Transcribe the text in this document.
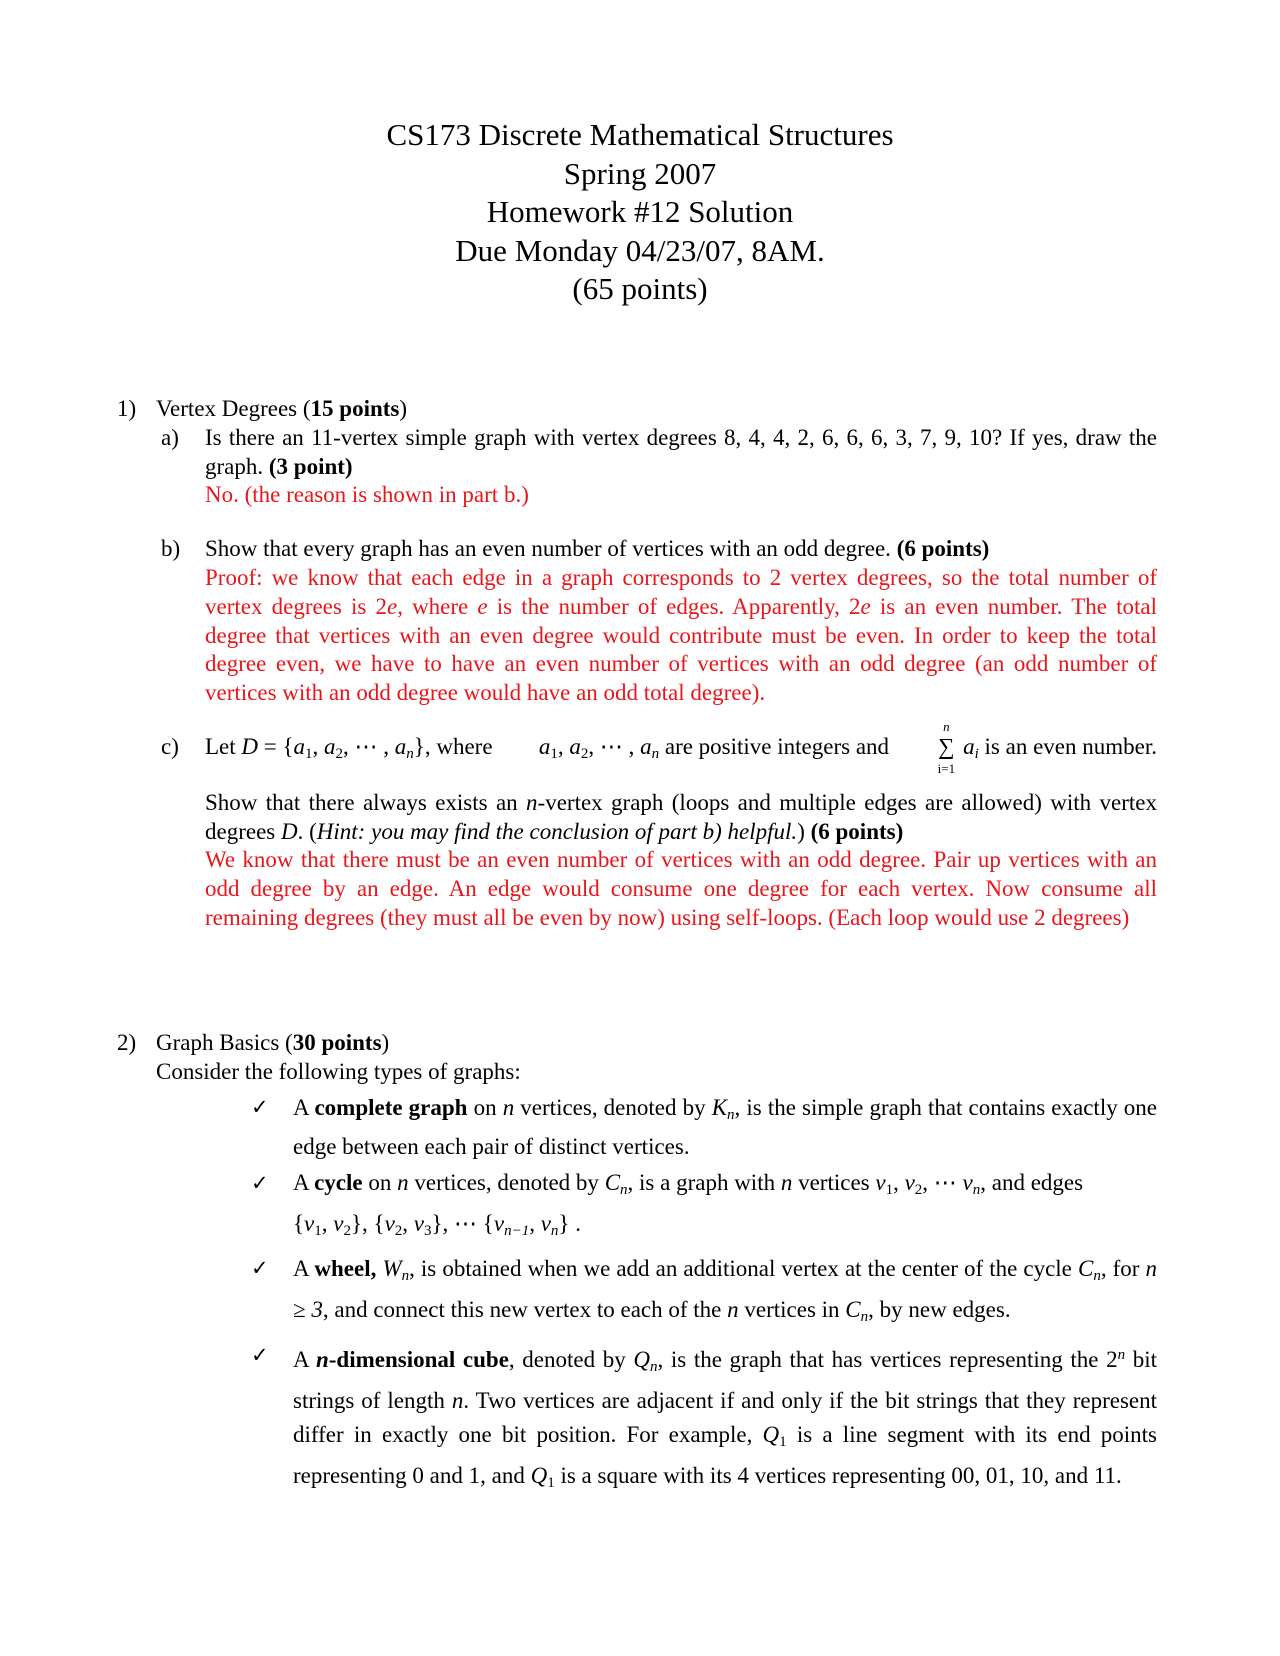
CS173 Discrete Mathematical Structures
Spring 2007
Homework #12 Solution
Due Monday 04/23/07, 8AM.
(65 points)
1) Vertex Degrees (15 points)
a) Is there an 11-vertex simple graph with vertex degrees 8, 4, 4, 2, 6, 6, 6, 3, 7, 9, 10? If yes, draw the graph. (3 point)
No. (the reason is shown in part b.)
b) Show that every graph has an even number of vertices with an odd degree. (6 points)
Proof: we know that each edge in a graph corresponds to 2 vertex degrees, so the total number of vertex degrees is 2e, where e is the number of edges. Apparently, 2e is an even number. The total degree that vertices with an even degree would contribute must be even. In order to keep the total degree even, we have to have an even number of vertices with an odd degree (an odd number of vertices with an odd degree would have an odd total degree).
c) Let $D = \{a_1$, $a_2$, ⋯ , $a_n$}, where $a_1$, $a_2$, ⋯ , $a_n$ are positive integers and
n
∑
i=1
$a_i$ is an even number.
Show that there always exists an n-vertex graph (loops and multiple edges are allowed) with vertex degrees D. (Hint: you may find the conclusion of part b) helpful.) (6 points)
We know that there must be an even number of vertices with an odd degree. Pair up vertices with an odd degree by an edge. An edge would consume one degree for each vertex. Now consume all remaining degrees (they must all be even by now) using self-loops. (Each loop would use 2 degrees)
2) Graph Basics (30 points)
Consider the following types of graphs:
✓ A complete graph on n vertices, denoted by $K_n$, is the simple graph that contains exactly one edge between each pair of distinct vertices.
✓ A cycle on n vertices, denoted by $C_n$, is a graph with n vertices $v_1$, $v_2$, ⋯ $v_n$, and edges
{$v_1$, $v_2$}, {$v_2$, $v_3$}, ⋯ {$v_{n-1}$, $v_n$} .
✓ A wheel, $W_n$, is obtained when we add an additional vertex at the center of the cycle $C_n$, for n ≥ 3, and connect this new vertex to each of the n vertices in $C_n$, by new edges.
✓ A n-dimensional cube, denoted by $Q_n$, is the graph that has vertices representing the 2$^n$ bit strings of length n. Two vertices are adjacent if and only if the bit strings that they represent differ in exactly one bit position. For example, $Q_1$ is a line segment with its end points representing 0 and 1, and $Q_1$ is a square with its 4 vertices representing 00, 01, 10, and 11.
